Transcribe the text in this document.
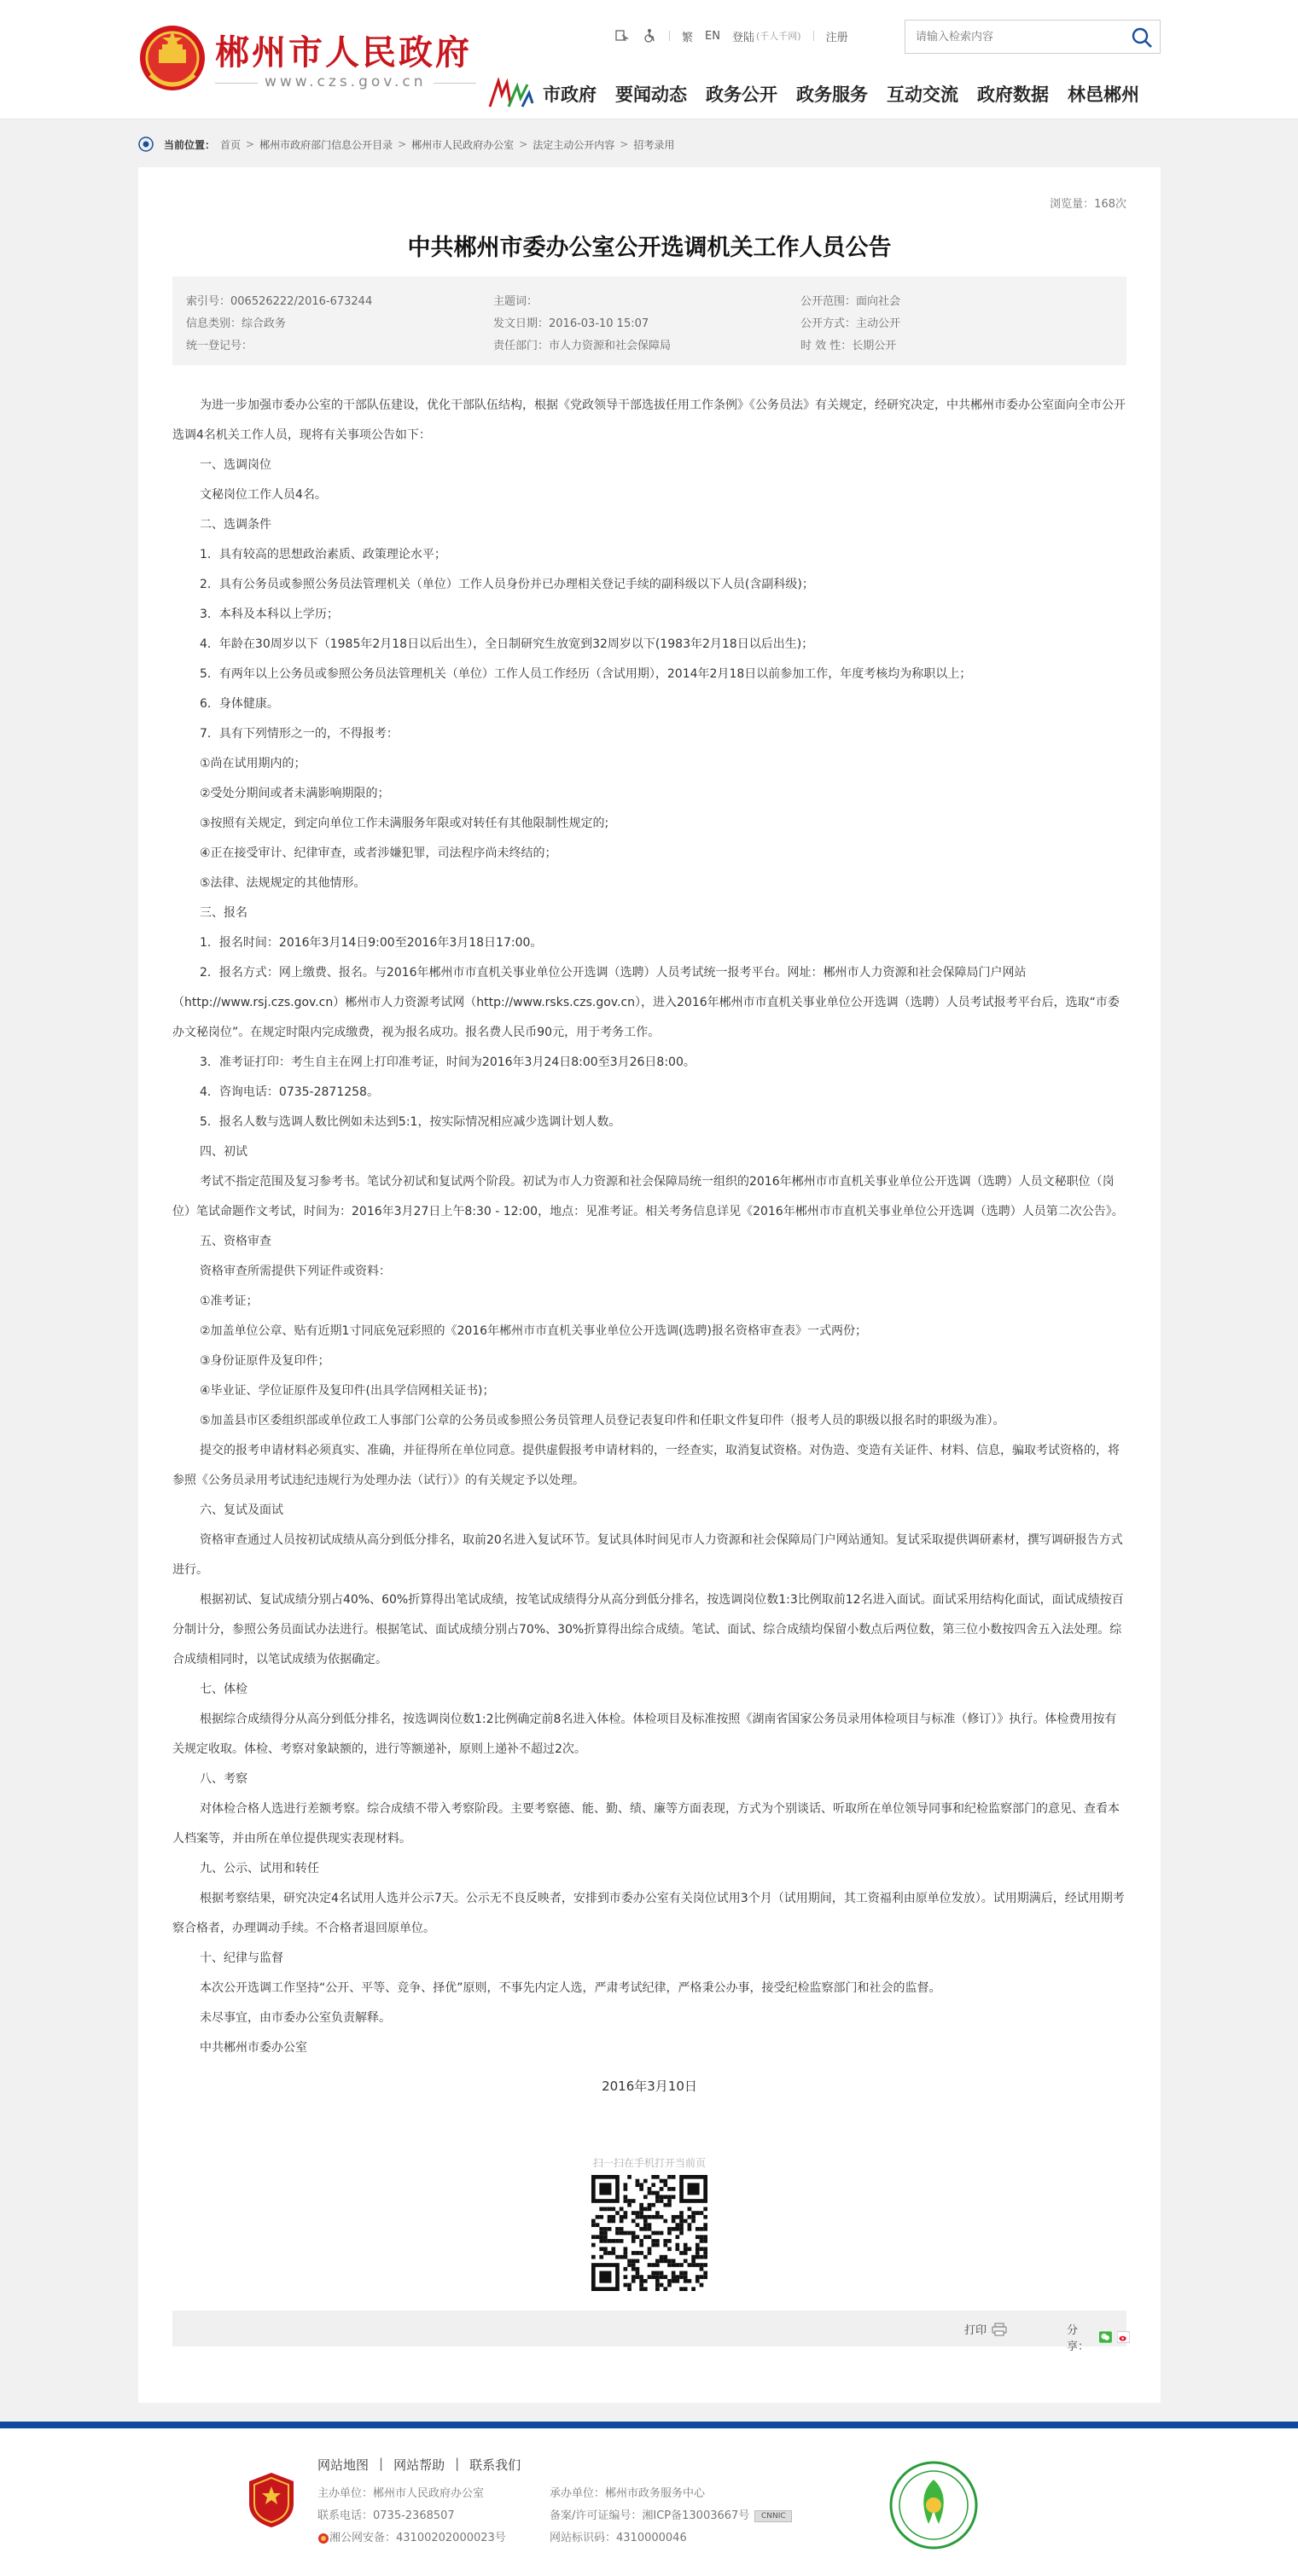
郴州市人民政府
www.czs.gov.cn
繁 EN 登陆 (千人千网) 注册
请输入检索内容
市政府 要闻动态 政务公开 政务服务 互动交流 政府数据 林邑郴州
当前位置： 首页 > 郴州市政府部门信息公开目录 > 郴州市人民政府办公室 > 法定主动公开内容 > 招考录用
浏览量：168次
中共郴州市委办公室公开选调机关工作人员公告
索引号：006526222/2016-673244	主题词：	公开范围：面向社会
信息类别：综合政务	发文日期：2016-03-10 15:07	公开方式：主动公开
统一登记号：	责任部门：市人力资源和社会保障局	时 效 性：长期公开

为进一步加强市委办公室的干部队伍建设，优化干部队伍结构，根据《党政领导干部选拔任用工作条例》《公务员法》有关规定，经研究决定，中共郴州市委办公室面向全市公开选调4名机关工作人员，现将有关事项公告如下：

一、选调岗位

文秘岗位工作人员4名。

二、选调条件

1．具有较高的思想政治素质、政策理论水平；

2．具有公务员或参照公务员法管理机关（单位）工作人员身份并已办理相关登记手续的副科级以下人员(含副科级)；

3．本科及本科以上学历；

4．年龄在30周岁以下（1985年2月18日以后出生），全日制研究生放宽到32周岁以下(1983年2月18日以后出生)；

5．有两年以上公务员或参照公务员法管理机关（单位）工作人员工作经历（含试用期），2014年2月18日以前参加工作，年度考核均为称职以上；

6．身体健康。

7．具有下列情形之一的，不得报考：

①尚在试用期内的；

②受处分期间或者未满影响期限的；

③按照有关规定，到定向单位工作未满服务年限或对转任有其他限制性规定的;

④正在接受审计、纪律审查，或者涉嫌犯罪，司法程序尚未终结的；

⑤法律、法规规定的其他情形。

三、报名

1．报名时间：2016年3月14日9:00至2016年3月18日17:00。

2．报名方式：网上缴费、报名。与2016年郴州市市直机关事业单位公开选调（选聘）人员考试统一报考平台。网址：郴州市人力资源和社会保障局门户网站（http://www.rsj.czs.gov.cn）郴州市人力资源考试网（http://www.rsks.czs.gov.cn），进入2016年郴州市市直机关事业单位公开选调（选聘）人员考试报考平台后，选取“市委办文秘岗位”。在规定时限内完成缴费，视为报名成功。报名费人民币90元，用于考务工作。

3．准考证打印：考生自主在网上打印准考证，时间为2016年3月24日8:00至3月26日8:00。

4．咨询电话：0735-2871258。

5．报名人数与选调人数比例如未达到5:1，按实际情况相应减少选调计划人数。

四、初试

考试不指定范围及复习参考书。笔试分初试和复试两个阶段。初试为市人力资源和社会保障局统一组织的2016年郴州市市直机关事业单位公开选调（选聘）人员文秘职位（岗位）笔试命题作文考试，时间为：2016年3月27日上午8:30 - 12:00，地点：见准考证。相关考务信息详见《2016年郴州市市直机关事业单位公开选调（选聘）人员第二次公告》。

五、资格审查

资格审查所需提供下列证件或资料：

①准考证；

②加盖单位公章、贴有近期1寸同底免冠彩照的《2016年郴州市市直机关事业单位公开选调(选聘)报名资格审查表》一式两份；

③身份证原件及复印件；

④毕业证、学位证原件及复印件(出具学信网相关证书)；

⑤加盖县市区委组织部或单位政工人事部门公章的公务员或参照公务员管理人员登记表复印件和任职文件复印件（报考人员的职级以报名时的职级为准）。

提交的报考申请材料必须真实、准确，并征得所在单位同意。提供虚假报考申请材料的，一经查实，取消复试资格。对伪造、变造有关证件、材料、信息，骗取考试资格的，将参照《公务员录用考试违纪违规行为处理办法（试行）》的有关规定予以处理。

六、复试及面试

资格审查通过人员按初试成绩从高分到低分排名，取前20名进入复试环节。复试具体时间见市人力资源和社会保障局门户网站通知。复试采取提供调研素材，撰写调研报告方式进行。

根据初试、复试成绩分别占40%、60%折算得出笔试成绩，按笔试成绩得分从高分到低分排名，按选调岗位数1:3比例取前12名进入面试。面试采用结构化面试，面试成绩按百分制计分，参照公务员面试办法进行。根据笔试、面试成绩分别占70%、30%折算得出综合成绩。笔试、面试、综合成绩均保留小数点后两位数，第三位小数按四舍五入法处理。综合成绩相同时，以笔试成绩为依据确定。

七、体检

根据综合成绩得分从高分到低分排名，按选调岗位数1:2比例确定前8名进入体检。体检项目及标准按照《湖南省国家公务员录用体检项目与标准（修订）》执行。体检费用按有关规定收取。体检、考察对象缺额的，进行等额递补，原则上递补不超过2次。

八、考察

对体检合格人选进行差额考察。综合成绩不带入考察阶段。主要考察德、能、勤、绩、廉等方面表现，方式为个别谈话、听取所在单位领导同事和纪检监察部门的意见、查看本人档案等，并由所在单位提供现实表现材料。

九、公示、试用和转任

根据考察结果，研究决定4名试用人选并公示7天。公示无不良反映者，安排到市委办公室有关岗位试用3个月（试用期间，其工资福利由原单位发放）。试用期满后，经试用期考察合格者，办理调动手续。不合格者退回原单位。

十、纪律与监督

本次公开选调工作坚持“公开、平等、竞争、择优”原则，不事先内定人选，严肃考试纪律，严格秉公办事，接受纪检监察部门和社会的监督。

未尽事宜，由市委办公室负责解释。

中共郴州市委办公室

2016年3月10日

扫一扫在手机打开当前页
打印	分享：
网站地图 | 网站帮助 | 联系我们
主办单位：郴州市人民政府办公室	承办单位：郴州市政务服务中心
联系电话：0735-2368507	备案/许可证编号：湘ICP备13003667号	CNNIC
湘公网安备：43100202000023号	网站标识码：4310000046
